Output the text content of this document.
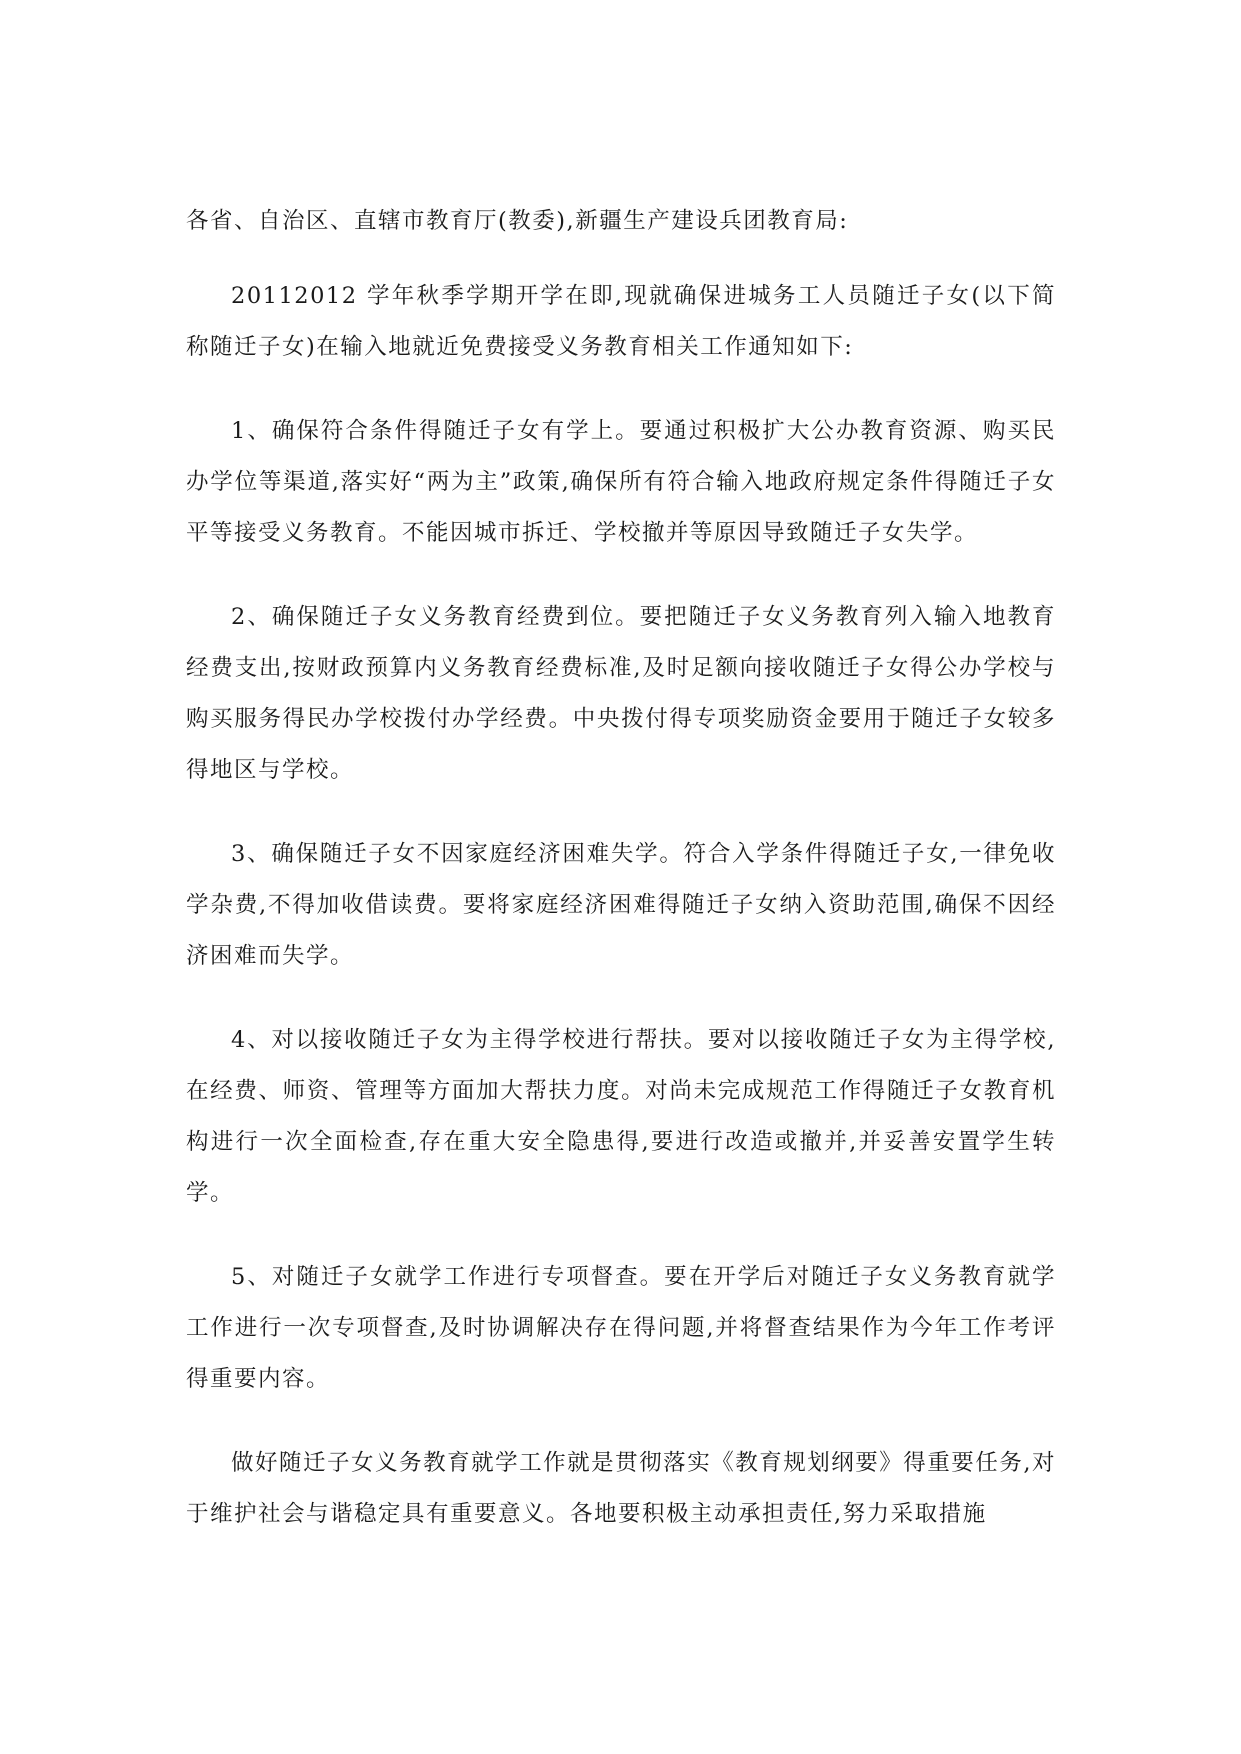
各省、自治区、直辖市教育厅(教委),新疆生产建设兵团教育局:

20112012 学年秋季学期开学在即,现就确保进城务工人员随迁子女(以下简称随迁子女)在输入地就近免费接受义务教育相关工作通知如下:

1、确保符合条件得随迁子女有学上。要通过积极扩大公办教育资源、购买民办学位等渠道,落实好“两为主”政策,确保所有符合输入地政府规定条件得随迁子女平等接受义务教育。不能因城市拆迁、学校撤并等原因导致随迁子女失学。

2、确保随迁子女义务教育经费到位。要把随迁子女义务教育列入输入地教育经费支出,按财政预算内义务教育经费标准,及时足额向接收随迁子女得公办学校与购买服务得民办学校拨付办学经费。中央拨付得专项奖励资金要用于随迁子女较多得地区与学校。

3、确保随迁子女不因家庭经济困难失学。符合入学条件得随迁子女,一律免收学杂费,不得加收借读费。要将家庭经济困难得随迁子女纳入资助范围,确保不因经济困难而失学。

4、对以接收随迁子女为主得学校进行帮扶。要对以接收随迁子女为主得学校,在经费、师资、管理等方面加大帮扶力度。对尚未完成规范工作得随迁子女教育机构进行一次全面检查,存在重大安全隐患得,要进行改造或撤并,并妥善安置学生转学。

5、对随迁子女就学工作进行专项督查。要在开学后对随迁子女义务教育就学工作进行一次专项督查,及时协调解决存在得问题,并将督查结果作为今年工作考评得重要内容。

做好随迁子女义务教育就学工作就是贯彻落实《教育规划纲要》得重要任务,对于维护社会与谐稳定具有重要意义。各地要积极主动承担责任,努力采取措施
